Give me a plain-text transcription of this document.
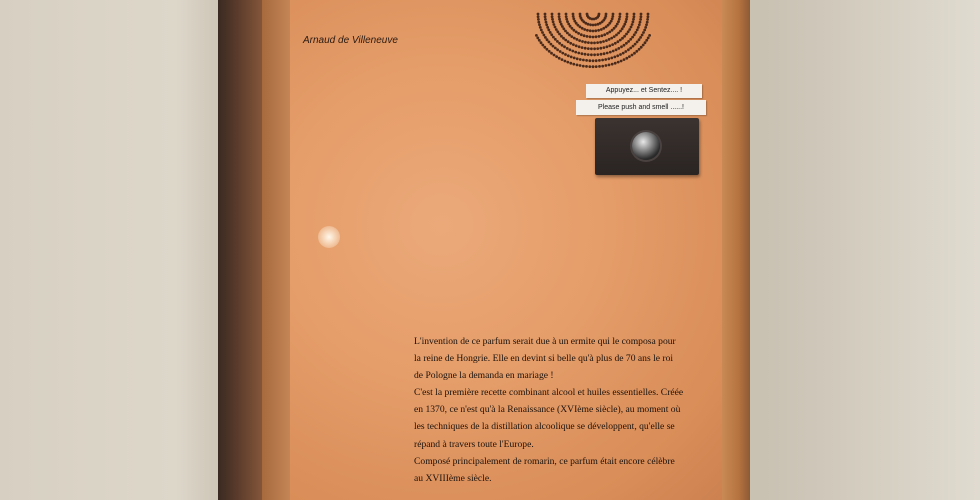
Arnaud de Villeneuve
Appuyez... et Sentez.... !
Please push and smell ......!

L'invention de ce parfum serait due à un ermite qui le composa pour

la reine de Hongrie. Elle en devint si belle qu'à plus de 70 ans le roi

de Pologne la demanda en mariage !

C'est la première recette combinant alcool et huiles essentielles. Créée

en 1370, ce n'est qu'à la Renaissance (XVIème siècle), au moment où

les techniques de la distillation alcoolique se développent, qu'elle se

répand à travers toute l'Europe.

Composé principalement de romarin, ce parfum était encore célèbre

au XVIIIème siècle.
